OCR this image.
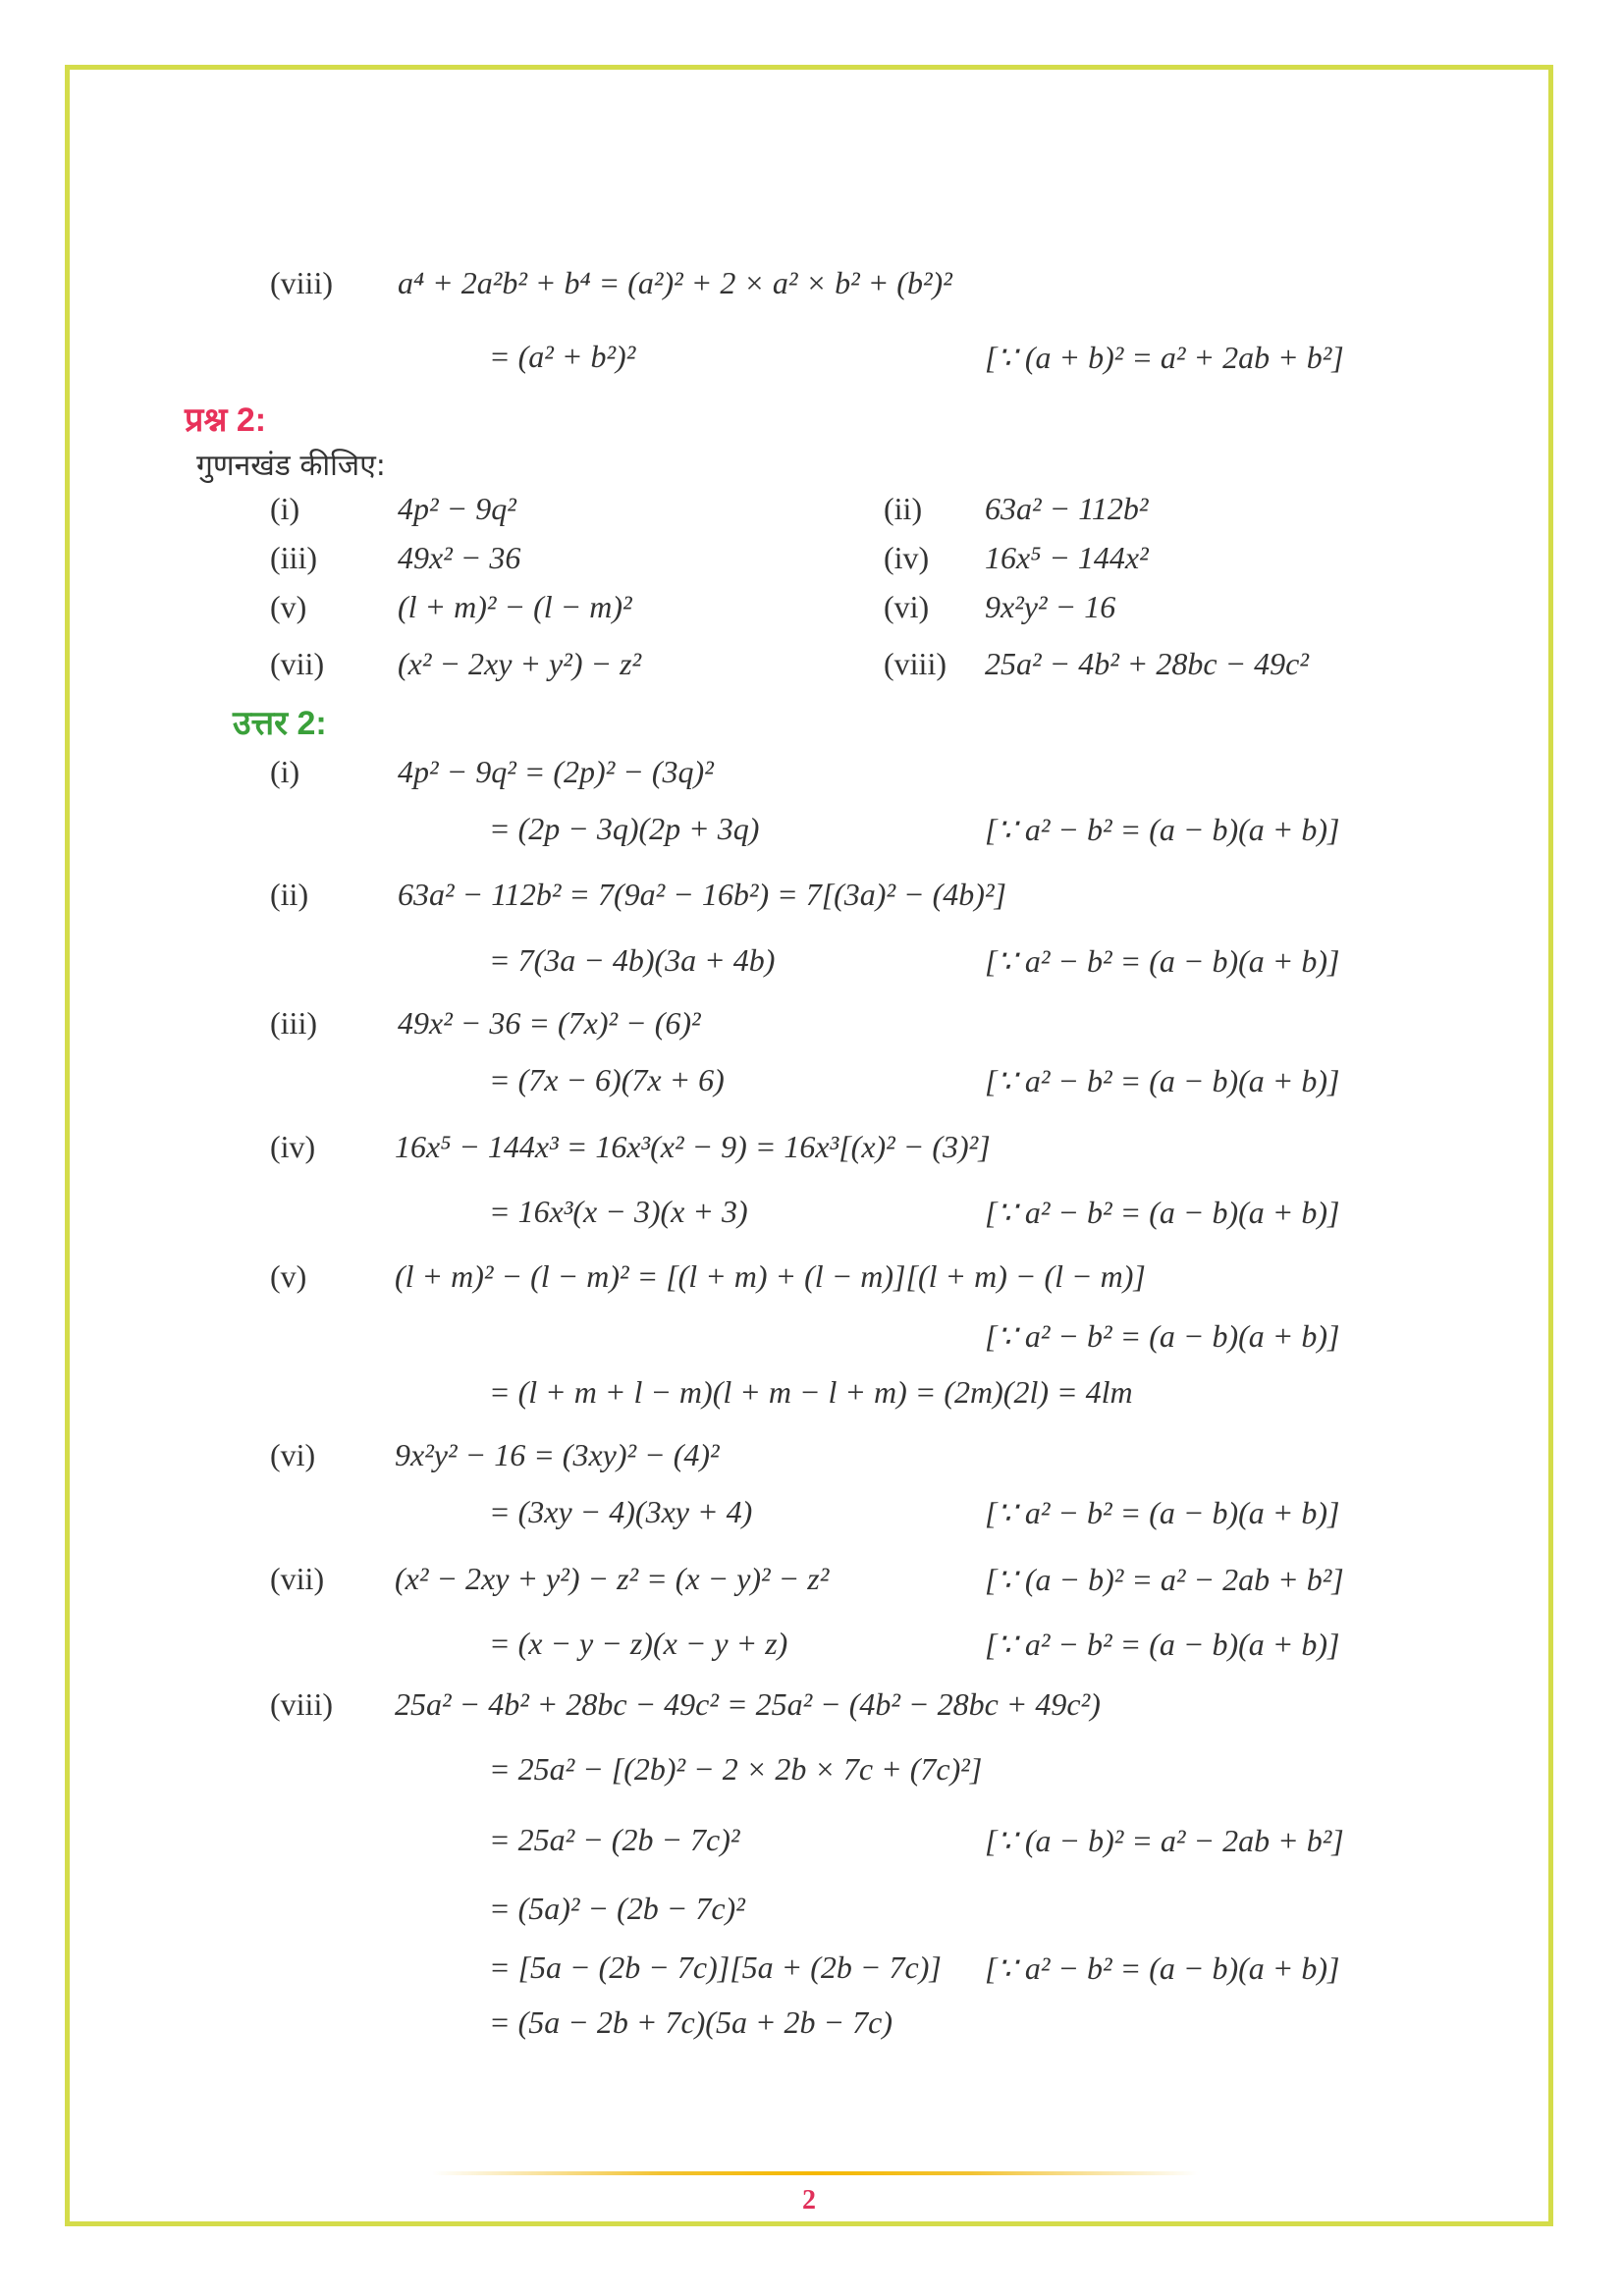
(viii) a⁴ + 2a²b² + b⁴ = (a²)² + 2 × a² × b² + (b²)²
= (a² + b²)²	[∵ (a + b)² = a² + 2ab + b²]
प्रश्न 2:
गुणनखंड कीजिए:
(i)	4p² − 9q²	(ii) 63a² − 112b²
(iii)	49x² − 36	(iv) 16x⁵ − 144x²
(v)	(l + m)² − (l − m)²	(vi) 9x²y² − 16
(vii) (x² − 2xy + y²) − z²	(viii) 25a² − 4b² + 28bc − 49c²
उत्तर 2:
(i)	4p² − 9q² = (2p)² − (3q)²
= (2p − 3q)(2p + 3q)	[∵ a² − b² = (a − b)(a + b)]
(ii)	63a² − 112b² = 7(9a² − 16b²) = 7[(3a)² − (4b)²]
= 7(3a − 4b)(3a + 4b)	[∵ a² − b² = (a − b)(a + b)]
(iii)	49x² − 36 = (7x)² − (6)²
= (7x − 6)(7x + 6)	[∵ a² − b² = (a − b)(a + b)]
(iv)	16x⁵ − 144x³ = 16x³(x² − 9) = 16x³[(x)² − (3)²]
= 16x³(x − 3)(x + 3)	[∵ a² − b² = (a − b)(a + b)]
(v)	(l + m)² − (l − m)² = [(l + m) + (l − m)][(l + m) − (l − m)]
[∵ a² − b² = (a − b)(a + b)]
= (l + m + l − m)(l + m − l + m) = (2m)(2l) = 4lm
(vi)	9x²y² − 16 = (3xy)² − (4)²
= (3xy − 4)(3xy + 4)	[∵ a² − b² = (a − b)(a + b)]
(vii) (x² − 2xy + y²) − z² = (x − y)² − z²	[∵ (a − b)² = a² − 2ab + b²]
= (x − y − z)(x − y + z)	[∵ a² − b² = (a − b)(a + b)]
(viii) 25a² − 4b² + 28bc − 49c² = 25a² − (4b² − 28bc + 49c²)
= 25a² − [(2b)² − 2 × 2b × 7c + (7c)²]
= 25a² − (2b − 7c)²	[∵ (a − b)² = a² − 2ab + b²]
= (5a)² − (2b − 7c)²
= [5a − (2b − 7c)][5a + (2b − 7c)] [∵ a² − b² = (a − b)(a + b)]
= (5a − 2b + 7c)(5a + 2b − 7c)
2
